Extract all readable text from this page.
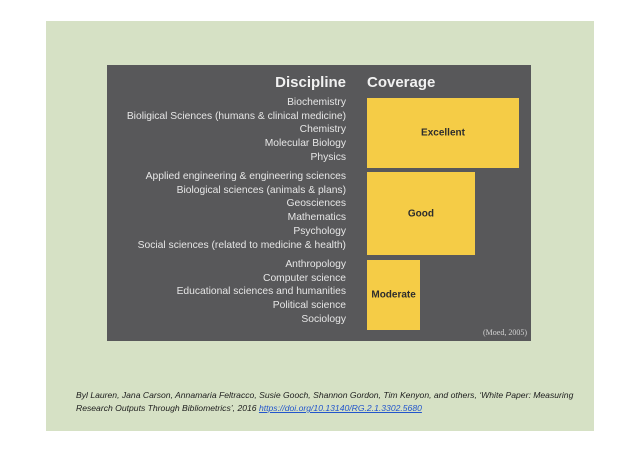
Discipline Coverage
(Moed, 2005)
Biochemistry
Bioligical Sciences (humans & clinical medicine)
Chemistry
Molecular Biology
Physics
Excellent
Applied engineering & engineering sciences
Biological sciences (animals & plans)
Geosciences
Mathematics
Psychology
Social sciences (related to medicine & health)
Good
Anthropology
Computer science
Educational sciences and humanities
Political science
Sociology
Moderate
Byl Lauren, Jana Carson, Annamaria Feltracco, Susie Gooch, Shannon Gordon, Tim Kenyon, and others, ‘White Paper: Measuring Research Outputs Through Bibliometrics’, 2016 https://doi.org/10.13140/RG.2.1.3302.5680
